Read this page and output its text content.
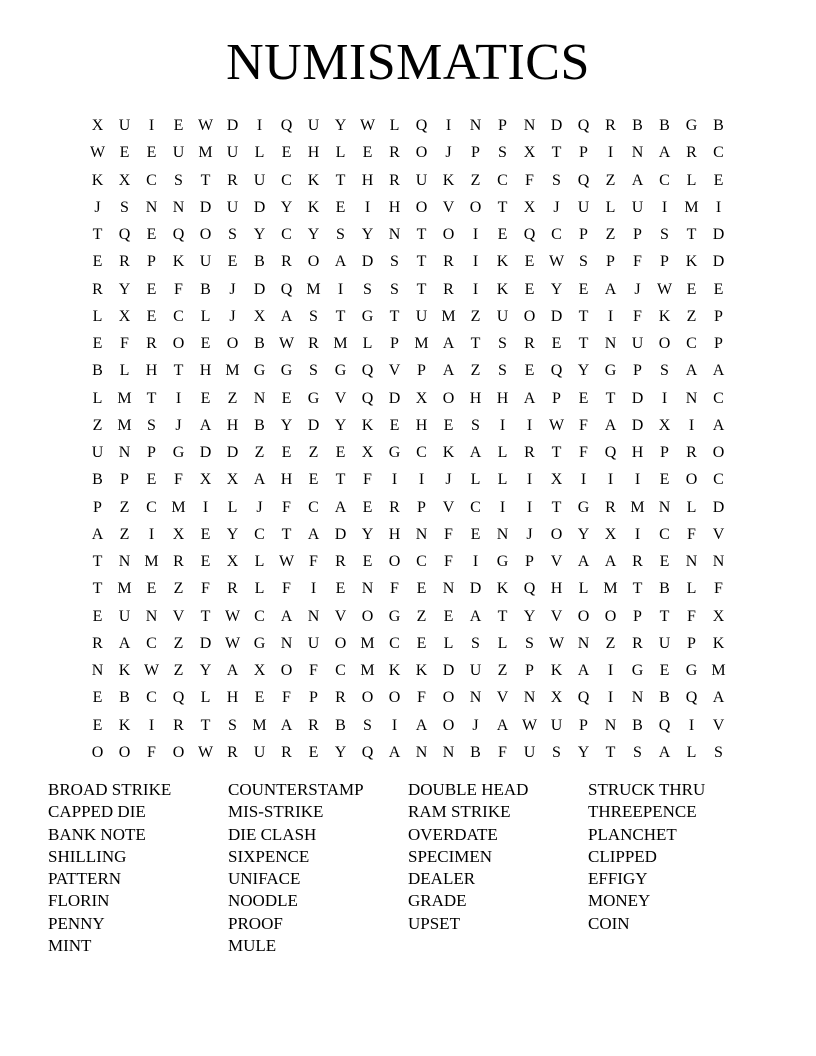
NUMISMATICS
X U	I	E W D	I	Q U Y W L	Q	I	N	P	N D Q R	B	B G B
W E	E	U M U	L	E	H	L	E	R O	J	P	S	X	T	P	I	N A R	C
K X C	S	T	R U C K	T	H R U K	Z	C	F	S	Q	Z	A C	L	E
J	S	N N D U D Y K	E	I	H O V O	T	X	J	U	L	U	I	M	I
T	Q	E	Q O	S	Y C Y	S	Y N	T	O	I	E	Q C	P	Z	P	S	T	D
E	R	P	K U	E	B	R O A D	S	T	R	I	K	E W S	P	F	P	K D
R Y	E	F	B	J	D Q M	I	S	S	T	R	I	K	E	Y	E	A	J	W E	E
L	X	E	C	L	J	X A	S	T	G	T	U M Z	U O D	T	I	F	K	Z	P
E	F	R O	E	O B W R M L	P M A	T	S	R	E	T	N U O C	P
B	L	H	T	H M G G	S	G Q V	P	A	Z	S	E	Q Y G	P	S	A A
L M T	I	E	Z	N	E	G V Q D X O H H A	P	E	T	D	I	N C
Z M S	J	A H B Y D Y K	E	H	E	S	I	I	W F	A D X	I	A
U N	P	G D D	Z	E	Z	E	X G C K A	L	R	T	F	Q H	P	R O
B	P	E	F	X X A H	E	T	F	I	I	J	L	L	I	X	I	I	I	E	O C
P	Z	C M	I	L	J	F	C A	E	R	P	V C	I	I	T	G R M N	L	D
A	Z	I	X	E	Y C	T	A D Y H N	F	E	N	J	O Y X	I	C	F	V
T	N M R	E	X	L W F	R	E	O C	F	I	G	P	V A A R	E	N N
T M E	Z	F	R	L	F	I	E	N	F	E	N D K Q H	L M T	B	L	F
E	U N V	T W C A N V O G	Z	E	A	T	Y V O O	P	T	F	X
R A C	Z	D W G N U O M C	E	L	S	L	S W N	Z	R U	P	K
N K W Z	Y A X O	F	C M K K D U	Z	P	K A	I	G	E	G M
E	B	C Q	L	H	E	F	P	R O O	F	O N V N X Q	I	N B Q A
E	K	I	R	T	S M A R	B	S	I	A O	J	A W U	P	N B Q	I	V
O O	F	O W R U R	E	Y Q A N N B	F	U	S	Y	T	S	A	L	S
BROAD STRIKE
CAPPED DIE
BANK NOTE
SHILLING
PATTERN
FLORIN
PENNY
MINT
COUNTERSTAMP
MIS-STRIKE
DIE CLASH
SIXPENCE
UNIFACE
NOODLE
PROOF
MULE
DOUBLE HEAD
RAM STRIKE
OVERDATE
SPECIMEN
DEALER
GRADE
UPSET
STRUCK THRU
THREEPENCE
PLANCHET
CLIPPED
EFFIGY
MONEY
COIN
